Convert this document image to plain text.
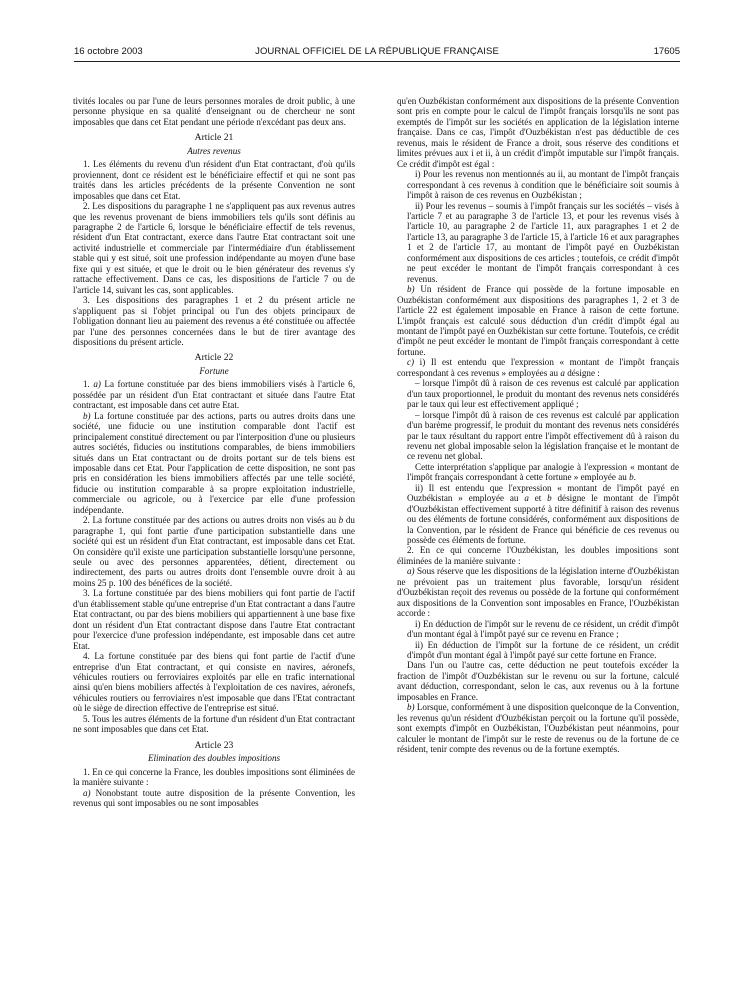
16 octobre 2003	JOURNAL OFFICIEL DE LA RÉPUBLIQUE FRANÇAISE	17605

tivités locales ou par l'une de leurs personnes morales de droit public, à une personne physique en sa qualité d'enseignant ou de chercheur ne sont imposables que dans cet Etat pendant une période n'excédant pas deux ans.

Article 21

Autres revenus

1. Les éléments du revenu d'un résident d'un Etat contractant, d'où qu'ils proviennent, dont ce résident est le bénéficiaire effectif et qui ne sont pas traités dans les articles précédents de la présente Convention ne sont imposables que dans cet Etat.

2. Les dispositions du paragraphe 1 ne s'appliquent pas aux revenus autres que les revenus provenant de biens immobiliers tels qu'ils sont définis au paragraphe 2 de l'article 6, lorsque le bénéficiaire effectif de tels revenus, résident d'un Etat contractant, exerce dans l'autre Etat contractant soit une activité industrielle et commerciale par l'intermédiaire d'un établissement stable qui y est situé, soit une profession indépendante au moyen d'une base fixe qui y est située, et que le droit ou le bien générateur des revenus s'y rattache effectivement. Dans ce cas, les dispositions de l'article 7 ou de l'article 14, suivant les cas, sont applicables.

3. Les dispositions des paragraphes 1 et 2 du présent article ne s'appliquent pas si l'objet principal ou l'un des objets principaux de l'obligation donnant lieu au paiement des revenus a été constituée ou affectée par l'une des personnes concernées dans le but de tirer avantage des dispositions du présent article.

Article 22

Fortune

1. a) La fortune constituée par des biens immobiliers visés à l'article 6, possédée par un résident d'un Etat contractant et située dans l'autre Etat contractant, est imposable dans cet autre Etat.

b) La fortune constituée par des actions, parts ou autres droits dans une société, une fiducie ou une institution comparable dont l'actif est principalement constitué directement ou par l'interposition d'une ou plusieurs autres sociétés, fiducies ou institutions comparables, de biens immobiliers situés dans un Etat contractant ou de droits portant sur de tels biens est imposable dans cet Etat. Pour l'application de cette disposition, ne sont pas pris en considération les biens immobiliers affectés par une telle société, fiducie ou institution comparable à sa propre exploitation industrielle, commerciale ou agricole, ou à l'exercice par elle d'une profession indépendante.

2. La fortune constituée par des actions ou autres droits non visés au b du paragraphe 1, qui font partie d'une participation substantielle dans une société qui est un résident d'un Etat contractant, est imposable dans cet Etat. On considère qu'il existe une participation substantielle lorsqu'une personne, seule ou avec des personnes apparentées, détient, directement ou indirectement, des parts ou autres droits dont l'ensemble ouvre droit à au moins 25 p. 100 des bénéfices de la société.

3. La fortune constituée par des biens mobiliers qui font partie de l'actif d'un établissement stable qu'une entreprise d'un Etat contractant a dans l'autre Etat contractant, ou par des biens mobiliers qui appartiennent à une base fixe dont un résident d'un Etat contractant dispose dans l'autre Etat contractant pour l'exercice d'une profession indépendante, est imposable dans cet autre Etat.

4. La fortune constituée par des biens qui font partie de l'actif d'une entreprise d'un Etat contractant, et qui consiste en navires, aéronefs, véhicules routiers ou ferroviaires exploités par elle en trafic international ainsi qu'en biens mobiliers affectés à l'exploitation de ces navires, aéronefs, véhicules routiers ou ferroviaires n'est imposable que dans l'Etat contractant où le siège de direction effective de l'entreprise est situé.

5. Tous les autres éléments de la fortune d'un résident d'un Etat contractant ne sont imposables que dans cet Etat.

Article 23

Elimination des doubles impositions

1. En ce qui concerne la France, les doubles impositions sont éliminées de la manière suivante :

a) Nonobstant toute autre disposition de la présente Convention, les revenus qui sont imposables ou ne sont imposables

qu'en Ouzbékistan conformément aux dispositions de la présente Convention sont pris en compte pour le calcul de l'impôt français lorsqu'ils ne sont pas exemptés de l'impôt sur les sociétés en application de la législation interne française. Dans ce cas, l'impôt d'Ouzbékistan n'est pas déductible de ces revenus, mais le résident de France a droit, sous réserve des conditions et limites prévues aux i et ii, à un crédit d'impôt imputable sur l'impôt français. Ce crédit d'impôt est égal :

i) Pour les revenus non mentionnés au ii, au montant de l'impôt français correspondant à ces revenus à condition que le bénéficiaire soit soumis à l'impôt à raison de ces revenus en Ouzbékistan ;

ii) Pour les revenus – soumis à l'impôt français sur les sociétés – visés à l'article 7 et au paragraphe 3 de l'article 13, et pour les revenus visés à l'article 10, au paragraphe 2 de l'article 11, aux paragraphes 1 et 2 de l'article 13, au paragraphe 3 de l'article 15, à l'article 16 et aux paragraphes 1 et 2 de l'article 17, au montant de l'impôt payé en Ouzbékistan conformément aux dispositions de ces articles ; toutefois, ce crédit d'impôt ne peut excéder le montant de l'impôt français correspondant à ces revenus.

b) Un résident de France qui possède de la fortune imposable en Ouzbékistan conformément aux dispositions des paragraphes 1, 2 et 3 de l'article 22 est également imposable en France à raison de cette fortune. L'impôt français est calculé sous déduction d'un crédit d'impôt égal au montant de l'impôt payé en Ouzbékistan sur cette fortune. Toutefois, ce crédit d'impôt ne peut excéder le montant de l'impôt français correspondant à cette fortune.

c) i) Il est entendu que l'expression « montant de l'impôt français correspondant à ces revenus » employées au a désigne :

– lorsque l'impôt dû à raison de ces revenus est calculé par application d'un taux proportionnel, le produit du montant des revenus nets considérés par le taux qui leur est effectivement appliqué ;

– lorsque l'impôt dû à raison de ces revenus est calculé par application d'un barème progressif, le produit du montant des revenus nets considérés par le taux résultant du rapport entre l'impôt effectivement dû à raison du revenu net global imposable selon la législation française et le montant de ce revenu net global.

Cette interprétation s'applique par analogie à l'expression « montant de l'impôt français correspondant à cette fortune » employée au b.

ii) Il est entendu que l'expression « montant de l'impôt payé en Ouzbékistan » employée au a et b désigne le montant de l'impôt d'Ouzbékistan effectivement supporté à titre définitif à raison des revenus ou des éléments de fortune considérés, conformément aux dispositions de la Convention, par le résident de France qui bénéficie de ces revenus ou possède ces éléments de fortune.

2. En ce qui concerne l'Ouzbékistan, les doubles impositions sont éliminées de la manière suivante :

a) Sous réserve que les dispositions de la législation interne d'Ouzbékistan ne prévoient pas un traitement plus favorable, lorsqu'un résident d'Ouzbékistan reçoit des revenus ou possède de la fortune qui conformément aux dispositions de la Convention sont imposables en France, l'Ouzbékistan accorde :

i) En déduction de l'impôt sur le revenu de ce résident, un crédit d'impôt d'un montant égal à l'impôt payé sur ce revenu en France ;

ii) En déduction de l'impôt sur la fortune de ce résident, un crédit d'impôt d'un montant égal à l'impôt payé sur cette fortune en France.

Dans l'un ou l'autre cas, cette déduction ne peut toutefois excéder la fraction de l'impôt d'Ouzbékistan sur le revenu ou sur la fortune, calculé avant déduction, correspondant, selon le cas, aux revenus ou à la fortune imposables en France.

b) Lorsque, conformément à une disposition quelconque de la Convention, les revenus qu'un résident d'Ouzbékistan perçoit ou la fortune qu'il possède, sont exempts d'impôt en Ouzbékistan, l'Ouzbékistan peut néanmoins, pour calculer le montant de l'impôt sur le reste de revenus ou de la fortune de ce résident, tenir compte des revenus ou de la fortune exemptés.
